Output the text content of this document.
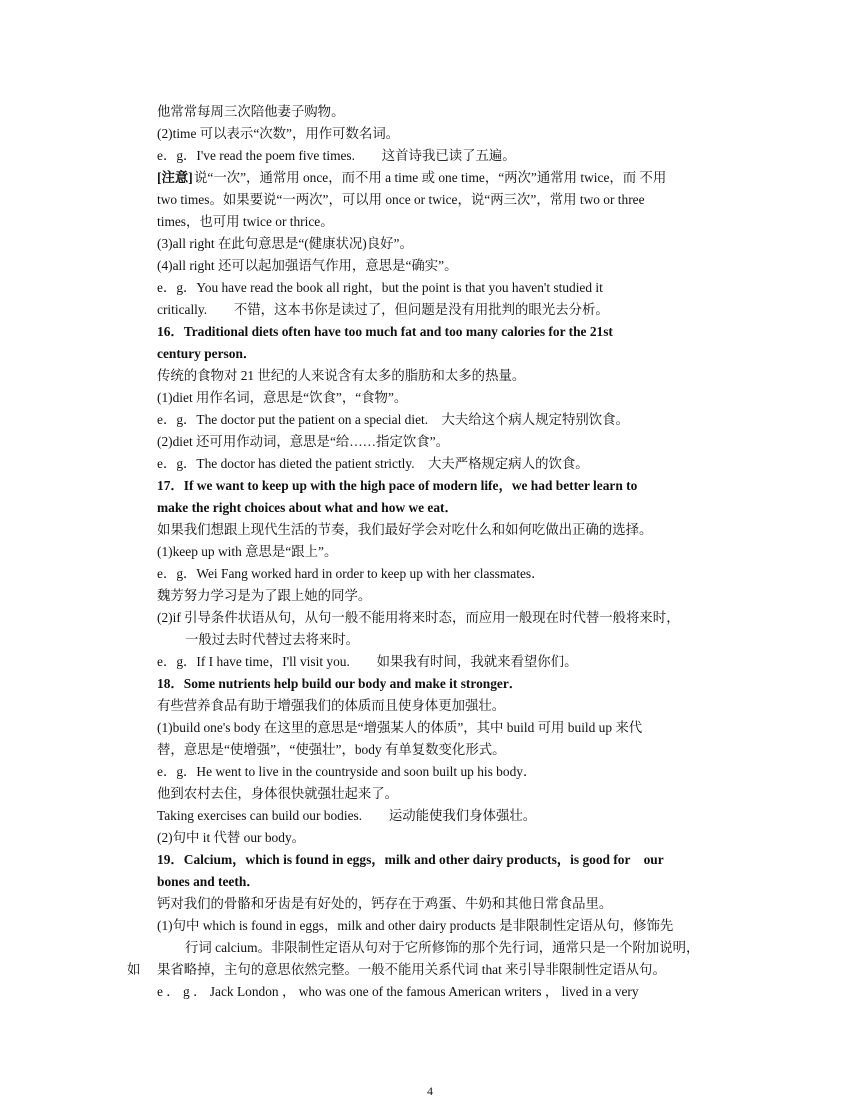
他常常每周三次陪他妻子购物。
(2)time 可以表示“次数”，用作可数名词。
e．g．I've read the poem five times.　　这首诗我已读了五遍。
[注意] 说“一次”，通常用 once，而不用 a time 或 one time，“两次”通常用 twice，而 不用
two times。如果要说“一两次”，可以用 once or twice，说“两三次”，常用 two or three
times，也可用 twice or thrice。
(3)all right 在此句意思是“(健康状况)良好”。
(4)all right 还可以起加强语气作用，意思是“确实”。
e．g．You have read the book all right，but the point is that you haven't studied it
critically.　　不错，这本书你是读过了，但问题是没有用批判的眼光去分析。
16．Traditional diets often have too much fat and too many calories for the 21st
century person．
传统的食物对 21 世纪的人来说含有太多的脂肪和太多的热量。
(1)diet 用作名词，意思是“饮食”，“食物”。
e．g．The doctor put the patient on a special diet.　大夫给这个病人规定特别饮食。
(2)diet 还可用作动词，意思是“给……指定饮食”。
e．g．The doctor has dieted the patient strictly.　大夫严格规定病人的饮食。
17．If we want to keep up with the high pace of modern life，we had better learn to
make the right choices about what and how we eat．
如果我们想跟上现代生活的节奏，我们最好学会对吃什么和如何吃做出正确的选择。
(1)keep up with 意思是“跟上”。
e．g．Wei Fang worked hard in order to keep up with her classmates．
魏芳努力学习是为了跟上她的同学。
(2)if 引导条件状语从句，从句一般不能用将来时态，而应用一般现在时代替一般将来时，
一般过去时代替过去将来时。
e．g．If I have time，I'll visit you.　　如果我有时间，我就来看望你们。
18．Some nutrients help build our body and make it stronger．
有些营养食品有助于增强我们的体质而且使身体更加强壮。
(1)build one's body 在这里的意思是“增强某人的体质”，其中 build 可用 build up 来代
替，意思是“使增强”，“使强壮”，body 有单复数变化形式。
e．g．He went to live in the countryside and soon built up his body．
他到农村去住，身体很快就强壮起来了。
Taking exercises can build our bodies.　　运动能使我们身体强壮。
(2)句中 it 代替 our body。
19．Calcium，which is found in eggs，milk and other dairy products，is good for　our
bones and teeth．
钙对我们的骨骼和牙齿是有好处的，钙存在于鸡蛋、牛奶和其他日常食品里。
(1)句中 which is found in eggs，milk and other dairy products 是非限制性定语从句，修饰先
行词 calcium。非限制性定语从句对于它所修饰的那个先行词，通常只是一个附加说明，
如 果省略掉，主句的意思依然完整。一般不能用关系代词 that 来引导非限制性定语从句。
e ． g ． Jack London ， who was one of the famous American writers ， lived in a very
4
